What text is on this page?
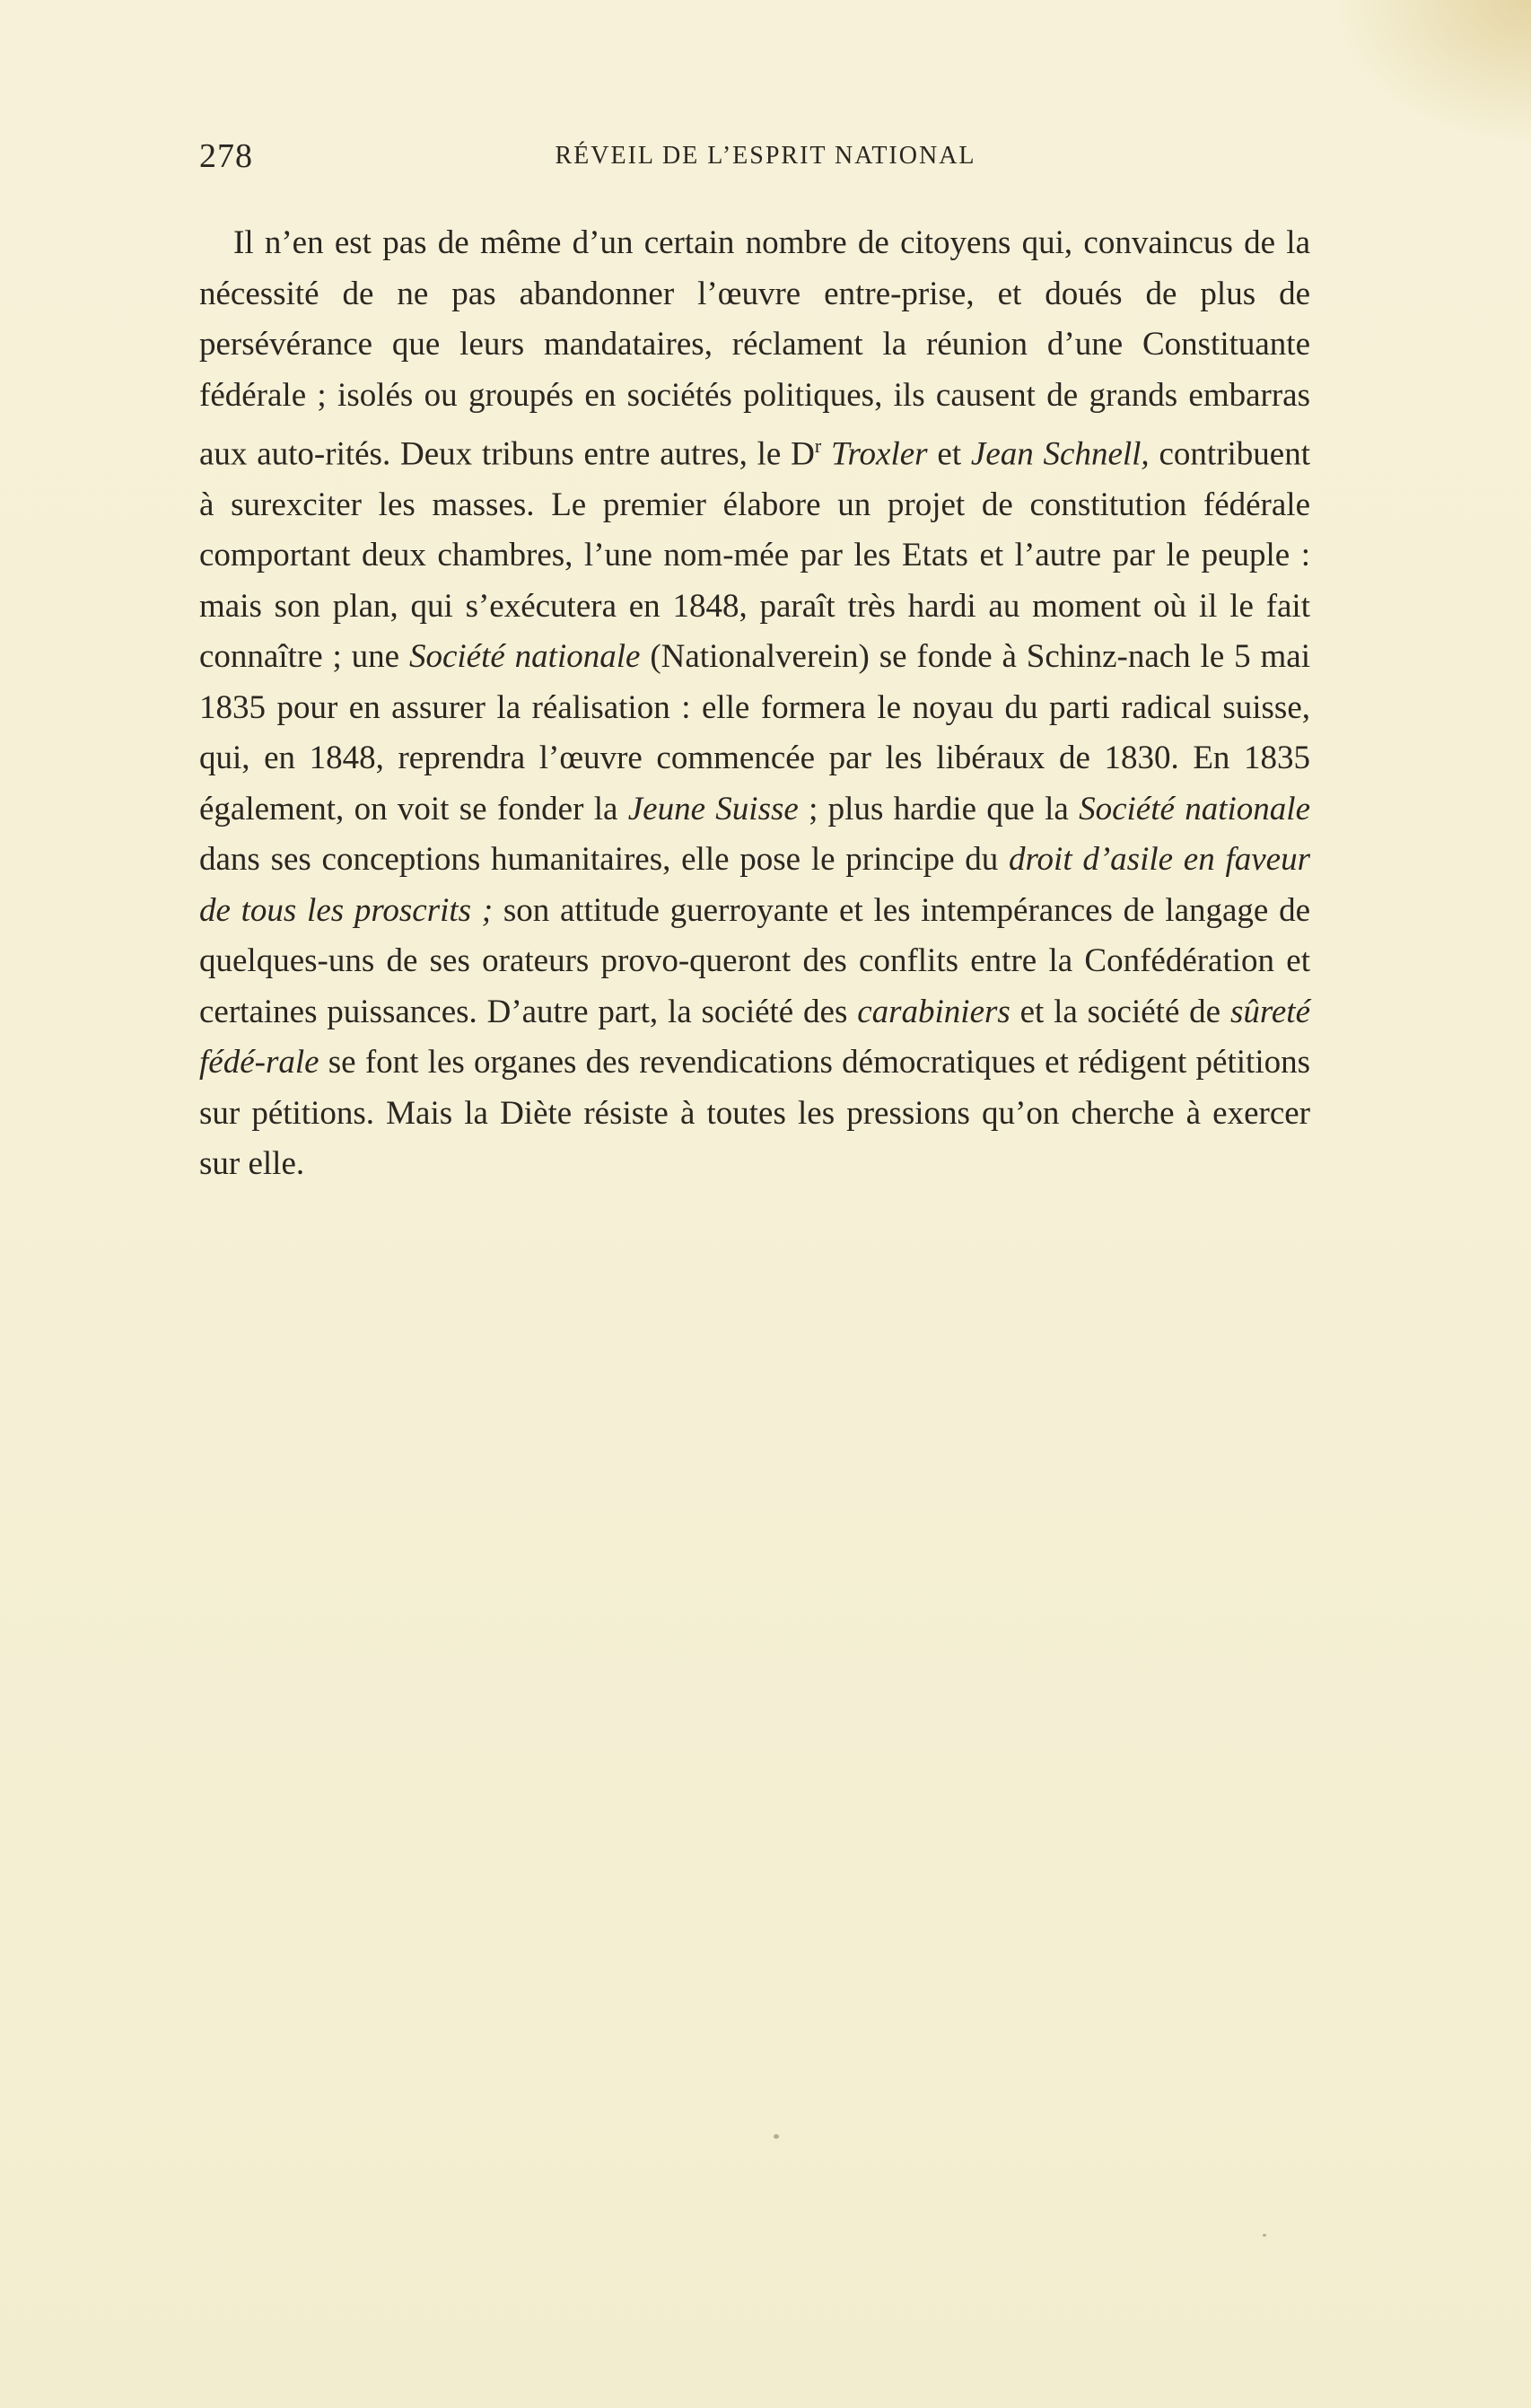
278	RÉVEIL DE L’ESPRIT NATIONAL

Il n’en est pas de même d’un certain nombre de citoyens qui, convaincus de la nécessité de ne pas abandonner l’œuvre entre-prise, et doués de plus de persévérance que leurs mandataires, réclament la réunion d’une Constituante fédérale ; isolés ou groupés en sociétés politiques, ils causent de grands embarras aux auto-rités. Deux tribuns entre autres, le $D^r$ Troxler et Jean Schnell, contribuent à surexciter les masses. Le premier élabore un projet de constitution fédérale comportant deux chambres, l’une nom-mée par les Etats et l’autre par le peuple : mais son plan, qui s’exécutera en 1848, paraît très hardi au moment où il le fait connaître ; une Société nationale (Nationalverein) se fonde à Schinz-nach le 5 mai 1835 pour en assurer la réalisation : elle formera le noyau du parti radical suisse, qui, en 1848, reprendra l’œuvre commencée par les libéraux de 1830. En 1835 également, on voit se fonder la Jeune Suisse ; plus hardie que la Société nationale dans ses conceptions humanitaires, elle pose le principe du droit d’asile en faveur de tous les proscrits ; son attitude guerroyante et les intempérances de langage de quelques-uns de ses orateurs provo-queront des conflits entre la Confédération et certaines puissances. D’autre part, la société des carabiniers et la société de sûreté fédé-rale se font les organes des revendications démocratiques et rédigent pétitions sur pétitions. Mais la Diète résiste à toutes les pressions qu’on cherche à exercer sur elle.
